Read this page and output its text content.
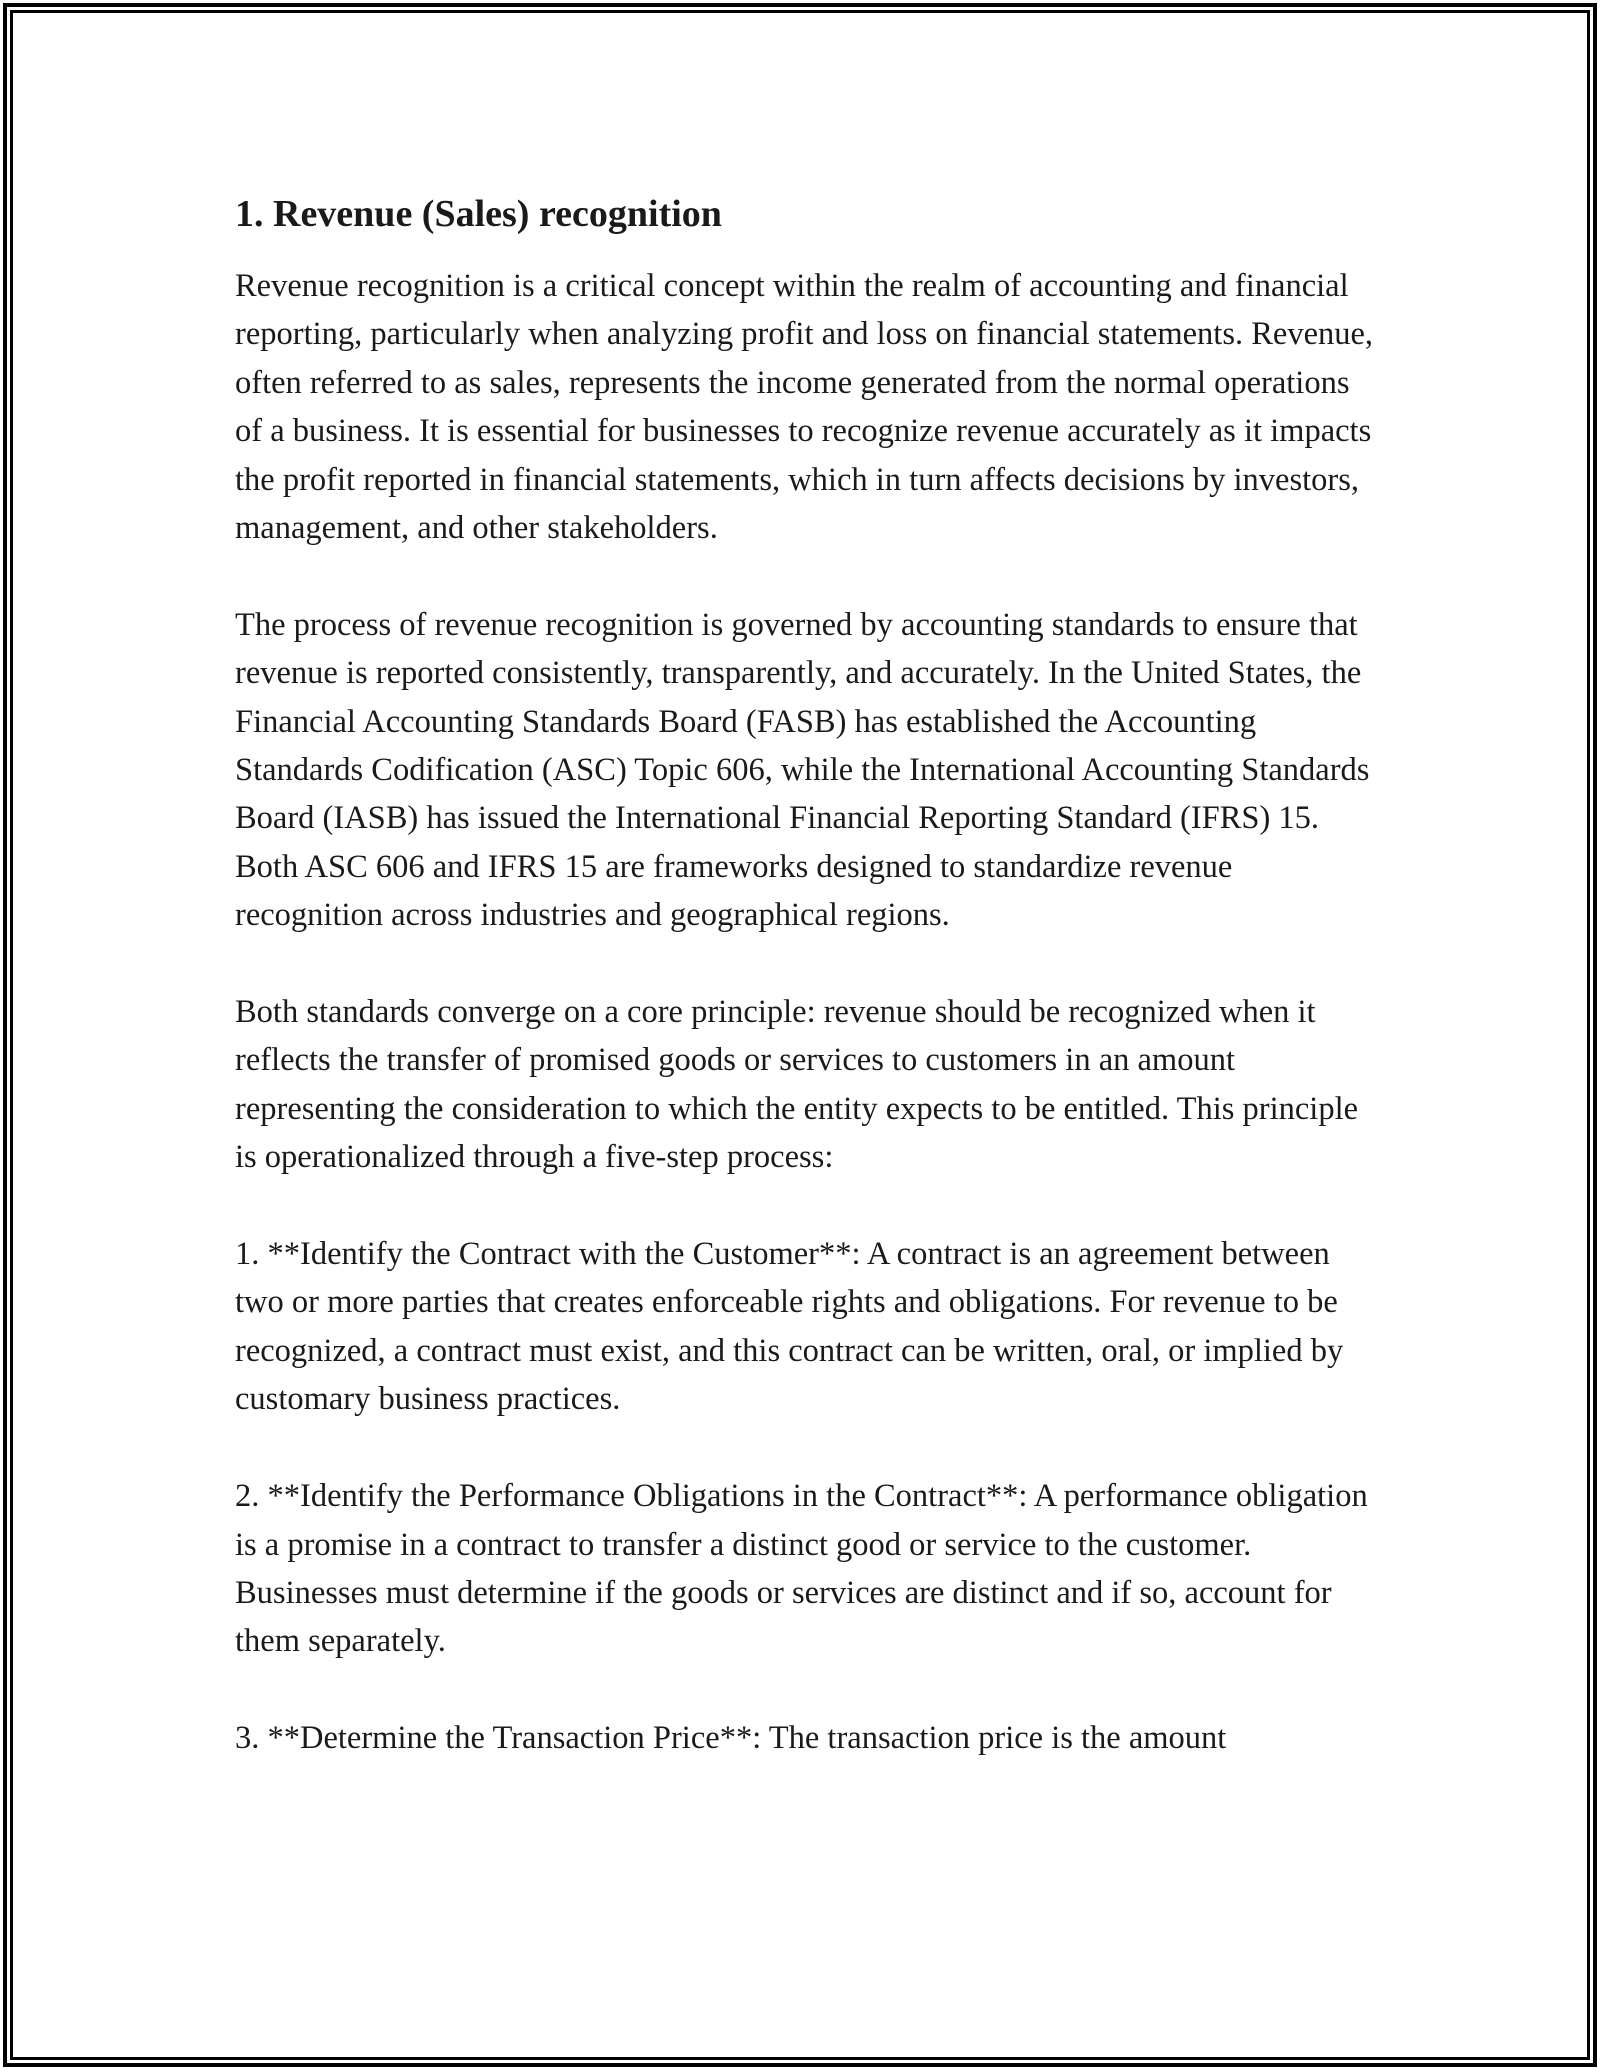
1. Revenue (Sales) recognition

Revenue recognition is a critical concept within the realm of accounting and financial reporting, particularly when analyzing profit and loss on financial statements. Revenue, often referred to as sales, represents the income generated from the normal operations of a business. It is essential for businesses to recognize revenue accurately as it impacts the profit reported in financial statements, which in turn affects decisions by investors, management, and other stakeholders.

The process of revenue recognition is governed by accounting standards to ensure that revenue is reported consistently, transparently, and accurately. In the United States, the Financial Accounting Standards Board (FASB) has established the Accounting Standards Codification (ASC) Topic 606, while the International Accounting Standards Board (IASB) has issued the International Financial Reporting Standard (IFRS) 15. Both ASC 606 and IFRS 15 are frameworks designed to standardize revenue recognition across industries and geographical regions.

Both standards converge on a core principle: revenue should be recognized when it reflects the transfer of promised goods or services to customers in an amount representing the consideration to which the entity expects to be entitled. This principle is operationalized through a five-step process:

1. **Identify the Contract with the Customer**: A contract is an agreement between two or more parties that creates enforceable rights and obligations. For revenue to be recognized, a contract must exist, and this contract can be written, oral, or implied by customary business practices.

2. **Identify the Performance Obligations in the Contract**: A performance obligation is a promise in a contract to transfer a distinct good or service to the customer. Businesses must determine if the goods or services are distinct and if so, account for them separately.

3. **Determine the Transaction Price**: The transaction price is the amount
